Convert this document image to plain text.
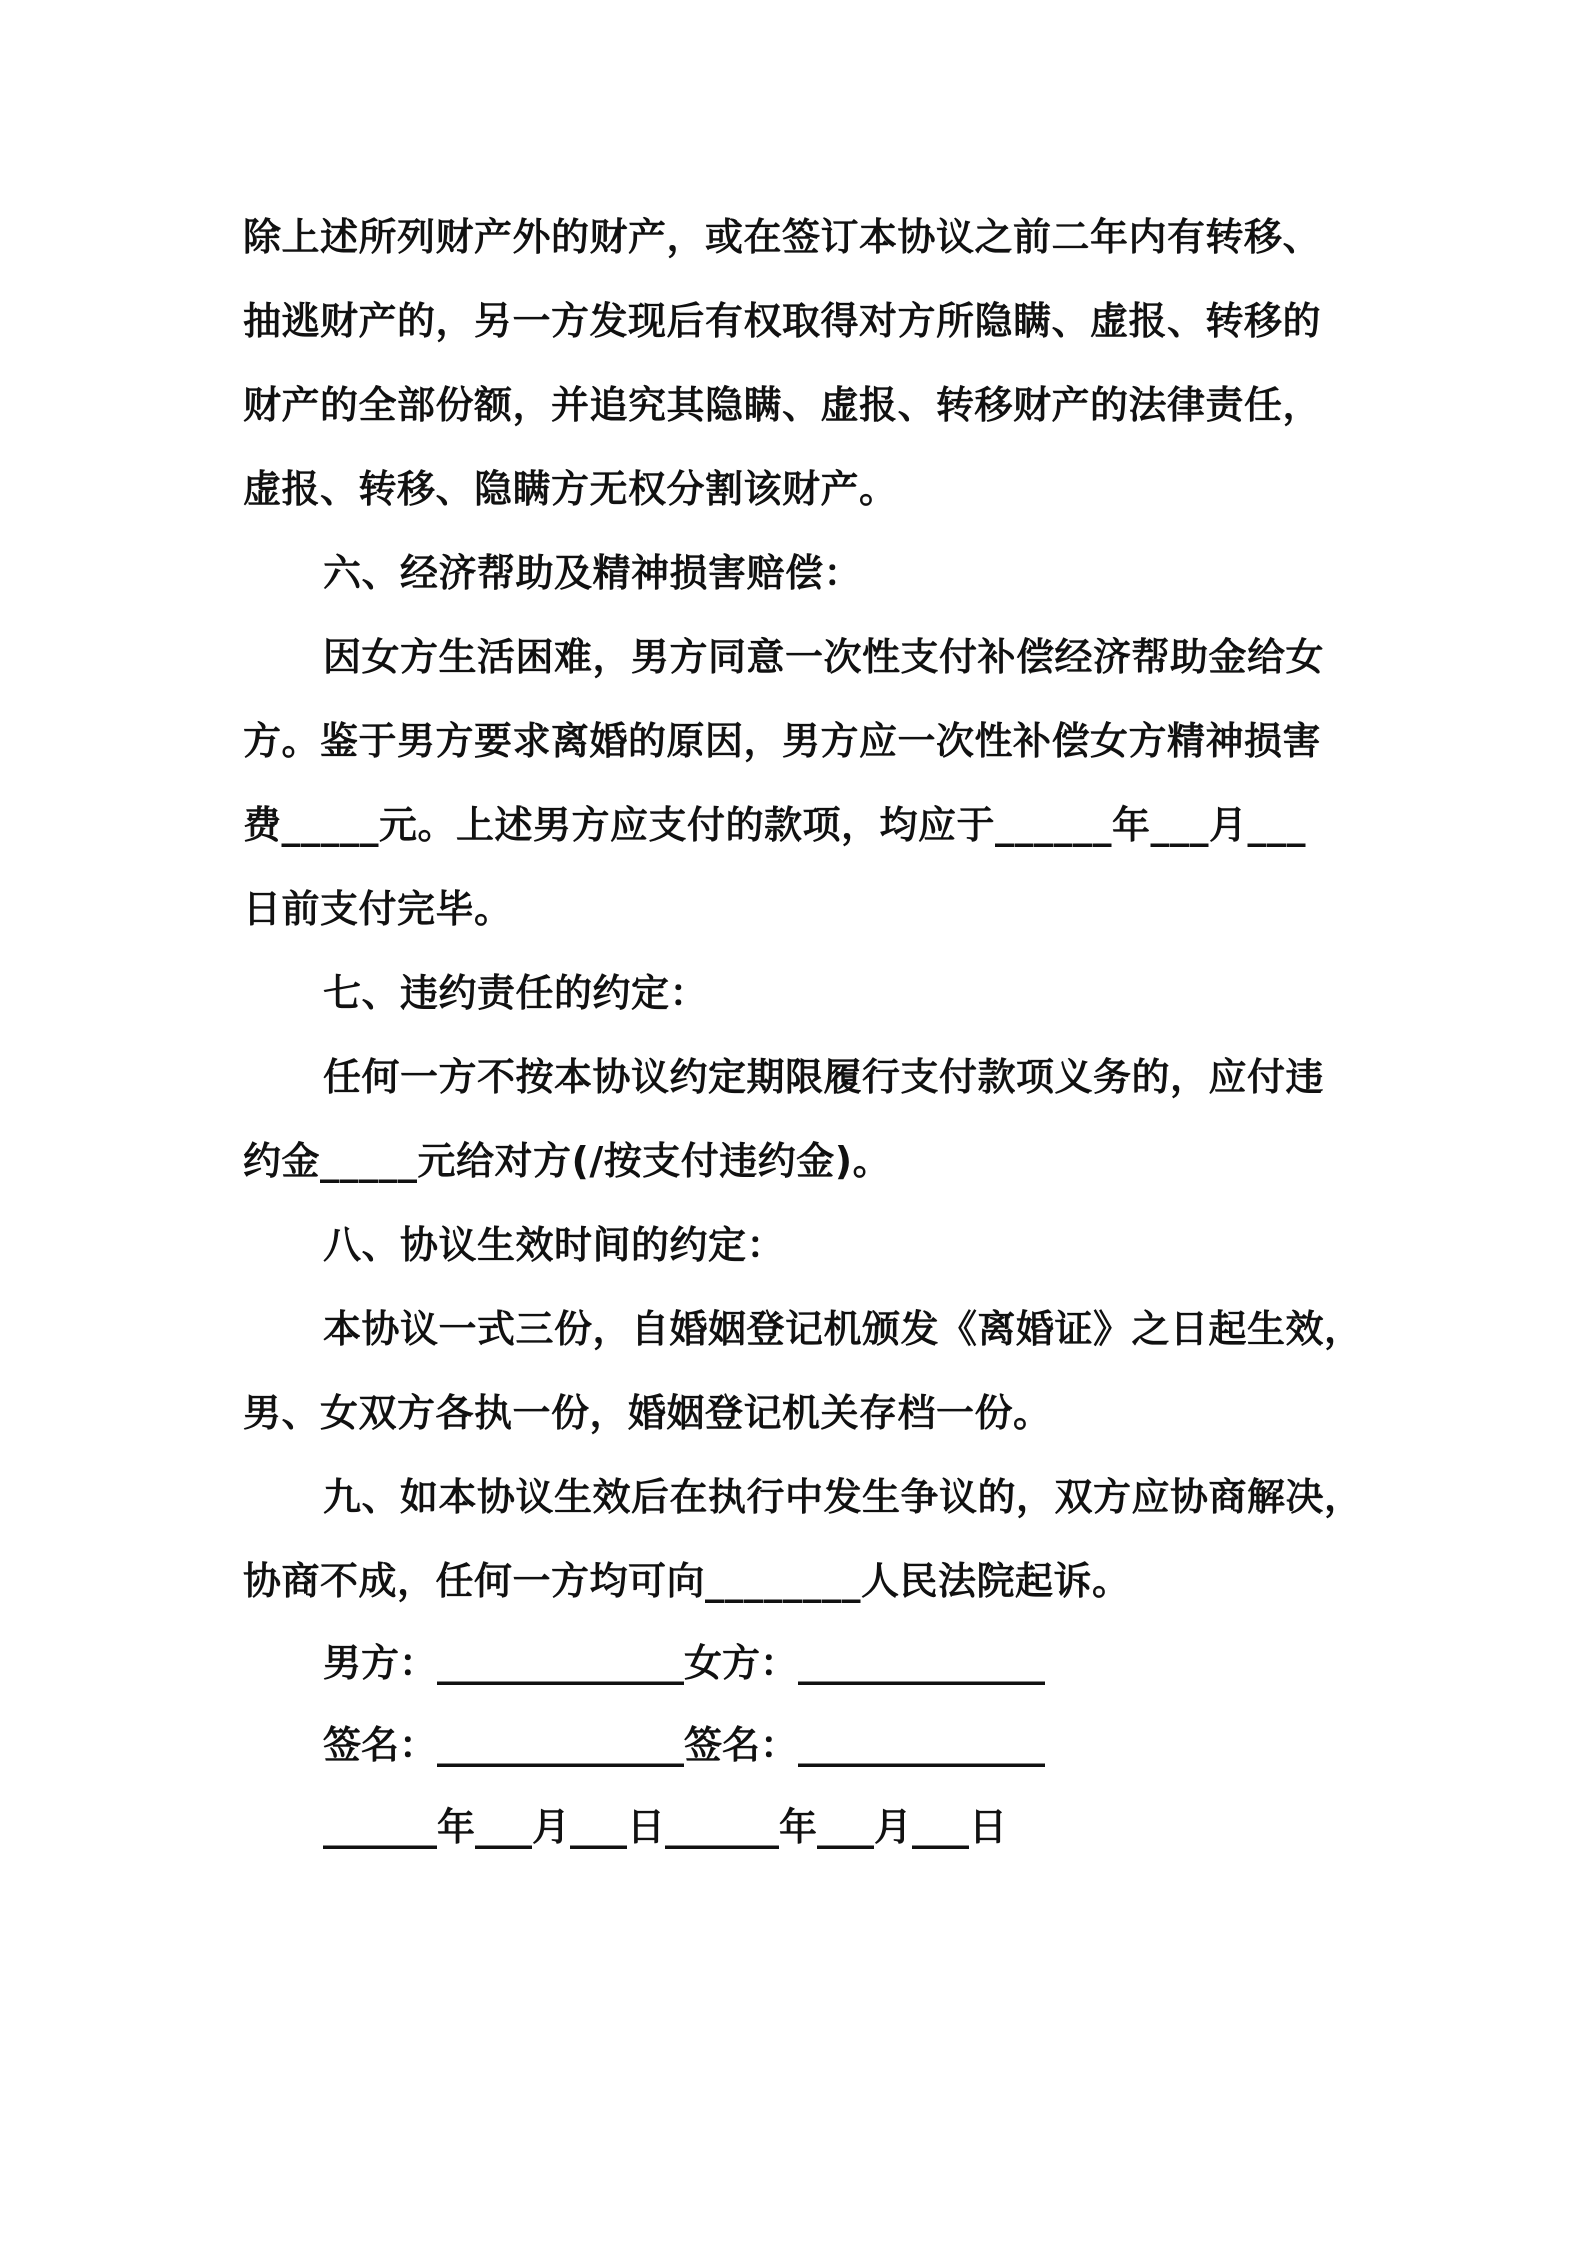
除上述所列财产外的财产，或在签订本协议之前二年内有转移、
抽逃财产的，另一方发现后有权取得对方所隐瞒、虚报、转移的
财产的全部份额，并追究其隐瞒、虚报、转移财产的法律责任，
虚报、转移、隐瞒方无权分割该财产。
六、经济帮助及精神损害赔偿：
因女方生活困难，男方同意一次性支付补偿经济帮助金给女
方。鉴于男方要求离婚的原因，男方应一次性补偿女方精神损害
费_____元。上述男方应支付的款项，均应于______年___月___
日前支付完毕。
七、违约责任的约定：
任何一方不按本协议约定期限履行支付款项义务的，应付违
约金_____元给对方(/按支付违约金)。
八、协议生效时间的约定：
本协议一式三份，自婚姻登记机颁发《离婚证》之日起生效，
男、女双方各执一份，婚姻登记机关存档一份。
九、如本协议生效后在执行中发生争议的，双方应协商解决，
协商不成，任何一方均可向________人民法院起诉。
男方：_____________女方：_____________
签名：_____________签名：_____________
______年___月___日______年___月___日
